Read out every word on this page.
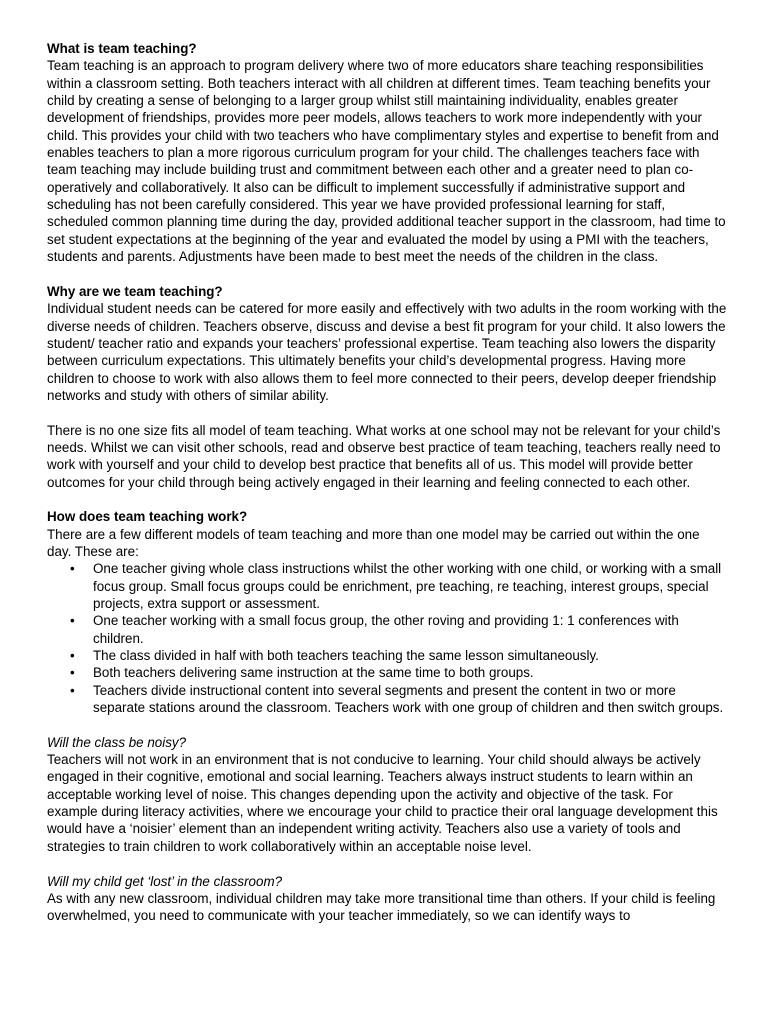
What is team teaching?

Team teaching is an approach to program delivery where two of more educators share teaching responsibilities within a classroom setting. Both teachers interact with all children at different times. Team teaching benefits your child by creating a sense of belonging to a larger group whilst still maintaining individuality, enables greater development of friendships, provides more peer models, allows teachers to work more independently with your child. This provides your child with two teachers who have complimentary styles and expertise to benefit from and enables teachers to plan a more rigorous curriculum program for your child. The challenges teachers face with team teaching may include building trust and commitment between each other and a greater need to plan co-operatively and collaboratively. It also can be difficult to implement successfully if administrative support and scheduling has not been carefully considered. This year we have provided professional learning for staff, scheduled common planning time during the day, provided additional teacher support in the classroom, had time to set student expectations at the beginning of the year and evaluated the model by using a PMI with the teachers, students and parents. Adjustments have been made to best meet the needs of the children in the class.

Why are we team teaching?

Individual student needs can be catered for more easily and effectively with two adults in the room working with the diverse needs of children. Teachers observe, discuss and devise a best fit program for your child. It also lowers the student/ teacher ratio and expands your teachers’ professional expertise. Team teaching also lowers the disparity between curriculum expectations. This ultimately benefits your child’s developmental progress. Having more children to choose to work with also allows them to feel more connected to their peers, develop deeper friendship networks and study with others of similar ability.

There is no one size fits all model of team teaching. What works at one school may not be relevant for your child’s needs. Whilst we can visit other schools, read and observe best practice of team teaching, teachers really need to work with yourself and your child to develop best practice that benefits all of us. This model will provide better outcomes for your child through being actively engaged in their learning and feeling connected to each other.

How does team teaching work?

There are a few different models of team teaching and more than one model may be carried out within the one day. These are:

• One teacher giving whole class instructions whilst the other working with one child, or working with a small focus group. Small focus groups could be enrichment, pre teaching, re teaching, interest groups, special projects, extra support or assessment.
• One teacher working with a small focus group, the other roving and providing 1: 1 conferences with children.
• The class divided in half with both teachers teaching the same lesson simultaneously.
• Both teachers delivering same instruction at the same time to both groups.
• Teachers divide instructional content into several segments and present the content in two or more separate stations around the classroom. Teachers work with one group of children and then switch groups.

Will the class be noisy?

Teachers will not work in an environment that is not conducive to learning. Your child should always be actively engaged in their cognitive, emotional and social learning. Teachers always instruct students to learn within an acceptable working level of noise. This changes depending upon the activity and objective of the task. For example during literacy activities, where we encourage your child to practice their oral language development this would have a ‘noisier’ element than an independent writing activity. Teachers also use a variety of tools and strategies to train children to work collaboratively within an acceptable noise level.

Will my child get ‘lost’ in the classroom?

As with any new classroom, individual children may take more transitional time than others. If your child is feeling overwhelmed, you need to communicate with your teacher immediately, so we can identify ways to
